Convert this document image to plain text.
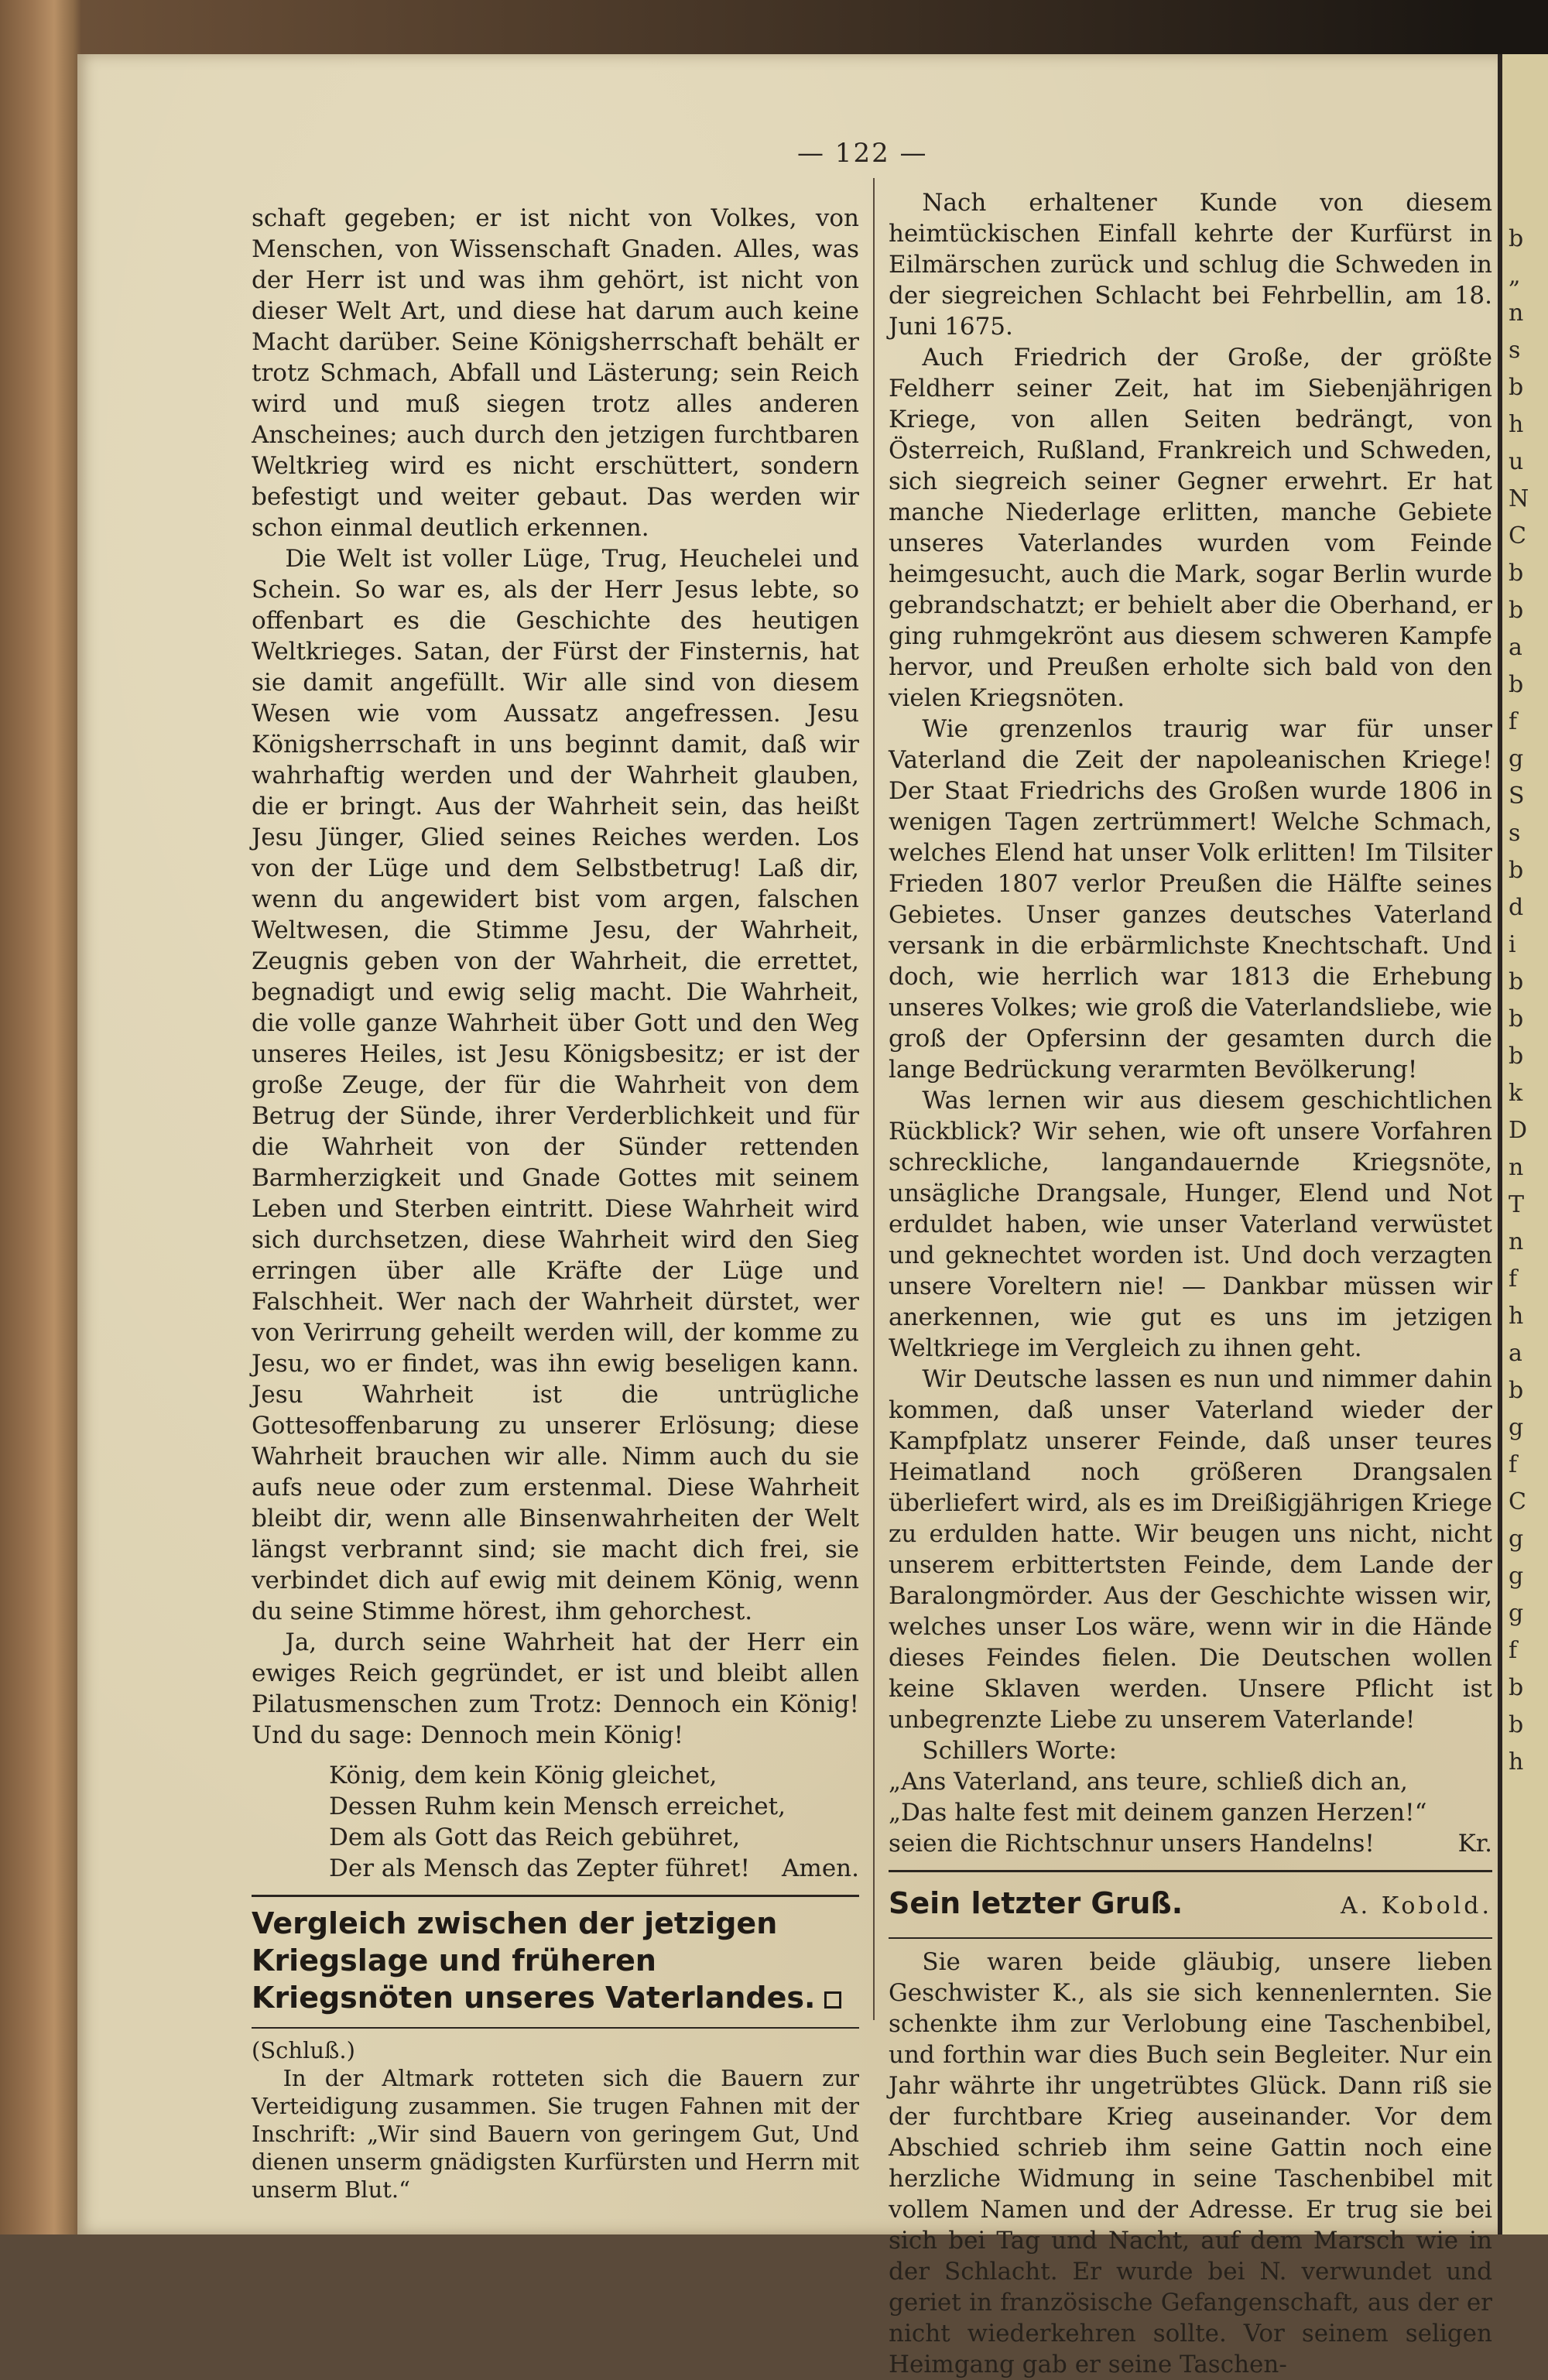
— 122 —

schaft gegeben; er ist nicht von Volkes, von Menschen, von Wissenschaft Gnaden. Alles, was der Herr ist und was ihm gehört, ist nicht von dieser Welt Art, und diese hat darum auch keine Macht darüber. Seine Königsherrschaft behält er trotz Schmach, Abfall und Lästerung; sein Reich wird und muß siegen trotz alles anderen Anscheines; auch durch den jetzigen furchtbaren Weltkrieg wird es nicht erschüttert, sondern befestigt und weiter gebaut. Das werden wir schon einmal deutlich erkennen.

Die Welt ist voller Lüge, Trug, Heuchelei und Schein. So war es, als der Herr Jesus lebte, so offenbart es die Geschichte des heutigen Weltkrieges. Satan, der Fürst der Finsternis, hat sie damit angefüllt. Wir alle sind von diesem Wesen wie vom Aussatz angefressen. Jesu Königsherrschaft in uns beginnt damit, daß wir wahrhaftig werden und der Wahrheit glauben, die er bringt. Aus der Wahrheit sein, das heißt Jesu Jünger, Glied seines Reiches werden. Los von der Lüge und dem Selbstbetrug! Laß dir, wenn du angewidert bist vom argen, falschen Weltwesen, die Stimme Jesu, der Wahrheit, Zeugnis geben von der Wahrheit, die errettet, begnadigt und ewig selig macht. Die Wahrheit, die volle ganze Wahrheit über Gott und den Weg unseres Heiles, ist Jesu Königsbesitz; er ist der große Zeuge, der für die Wahrheit von dem Betrug der Sünde, ihrer Verderblichkeit und für die Wahrheit von der Sünder rettenden Barmherzigkeit und Gnade Gottes mit seinem Leben und Sterben eintritt. Diese Wahrheit wird sich durchsetzen, diese Wahrheit wird den Sieg erringen über alle Kräfte der Lüge und Falschheit. Wer nach der Wahrheit dürstet, wer von Verirrung geheilt werden will, der komme zu Jesu, wo er findet, was ihn ewig beseligen kann. Jesu Wahrheit ist die untrügliche Gottesoffenbarung zu unserer Erlösung; diese Wahrheit brauchen wir alle. Nimm auch du sie aufs neue oder zum erstenmal. Diese Wahrheit bleibt dir, wenn alle Binsenwahrheiten der Welt längst verbrannt sind; sie macht dich frei, sie verbindet dich auf ewig mit deinem König, wenn du seine Stimme hörest, ihm gehorchest.

Ja, durch seine Wahrheit hat der Herr ein ewiges Reich gegründet, er ist und bleibt allen Pilatusmenschen zum Trotz: Dennoch ein König! Und du sage: Dennoch mein König!

König, dem kein König gleichet,
Dessen Ruhm kein Mensch erreichet,
Dem als Gott das Reich gebühret,
Der als Mensch das Zepter führet! Amen.
Vergleich zwischen der jetzigen Kriegslage und früheren Kriegsnöten unseres Vaterlandes.

(Schluß.)

In der Altmark rotteten sich die Bauern zur Verteidigung zusammen. Sie trugen Fahnen mit der Inschrift: „Wir sind Bauern von geringem Gut, Und dienen unserm gnädigsten Kurfürsten und Herrn mit unserm Blut.“

Nach erhaltener Kunde von diesem heimtückischen Einfall kehrte der Kurfürst in Eilmärschen zurück und schlug die Schweden in der siegreichen Schlacht bei Fehrbellin, am 18. Juni 1675.

Auch Friedrich der Große, der größte Feldherr seiner Zeit, hat im Siebenjährigen Kriege, von allen Seiten bedrängt, von Österreich, Rußland, Frankreich und Schweden, sich siegreich seiner Gegner erwehrt. Er hat manche Niederlage erlitten, manche Gebiete unseres Vaterlandes wurden vom Feinde heimgesucht, auch die Mark, sogar Berlin wurde gebrandschatzt; er behielt aber die Oberhand, er ging ruhmgekrönt aus diesem schweren Kampfe hervor, und Preußen erholte sich bald von den vielen Kriegsnöten.

Wie grenzenlos traurig war für unser Vaterland die Zeit der napoleanischen Kriege! Der Staat Friedrichs des Großen wurde 1806 in wenigen Tagen zertrümmert! Welche Schmach, welches Elend hat unser Volk erlitten! Im Tilsiter Frieden 1807 verlor Preußen die Hälfte seines Gebietes. Unser ganzes deutsches Vaterland versank in die erbärmlichste Knechtschaft. Und doch, wie herrlich war 1813 die Erhebung unseres Volkes; wie groß die Vaterlandsliebe, wie groß der Opfersinn der gesamten durch die lange Bedrückung verarmten Bevölkerung!

Was lernen wir aus diesem geschichtlichen Rückblick? Wir sehen, wie oft unsere Vorfahren schreckliche, langandauernde Kriegsnöte, unsägliche Drangsale, Hunger, Elend und Not erduldet haben, wie unser Vaterland verwüstet und geknechtet worden ist. Und doch verzagten unsere Voreltern nie! — Dankbar müssen wir anerkennen, wie gut es uns im jetzigen Weltkriege im Vergleich zu ihnen geht.

Wir Deutsche lassen es nun und nimmer dahin kommen, daß unser Vaterland wieder der Kampfplatz unserer Feinde, daß unser teures Heimatland noch größeren Drangsalen überliefert wird, als es im Dreißigjährigen Kriege zu erdulden hatte. Wir beugen uns nicht, nicht unserem erbittertsten Feinde, dem Lande der Baralongmörder. Aus der Geschichte wissen wir, welches unser Los wäre, wenn wir in die Hände dieses Feindes fielen. Die Deutschen wollen keine Sklaven werden. Unsere Pflicht ist unbegrenzte Liebe zu unserem Vaterlande!

Schillers Worte:

„Ans Vaterland, ans teure, schließ dich an,

„Das halte fest mit deinem ganzen Herzen!“

seien die Richtschnur unsers Handelns!	Kr.
Sein letzter Gruß.	A. Kobold.

Sie waren beide gläubig, unsere lieben Geschwister K., als sie sich kennenlernten. Sie schenkte ihm zur Verlobung eine Taschenbibel, und forthin war dies Buch sein Begleiter. Nur ein Jahr währte ihr ungetrübtes Glück. Dann riß sie der furchtbare Krieg auseinander. Vor dem Abschied schrieb ihm seine Gattin noch eine herzliche Widmung in seine Taschenbibel mit vollem Namen und der Adresse. Er trug sie bei sich bei Tag und Nacht, auf dem Marsch wie in der Schlacht. Er wurde bei N. verwundet und geriet in französische Gefangenschaft, aus der er nicht wiederkehren sollte. Vor seinem seligen Heimgang gab er seine Taschen-

b
„
n
s
b
h
u
N
C
b
b
a
b
f
g
S
s
b
d
i
b
b
b
k
D
n
T
n
f
h
a
b
g
f
C
g
g
g
f
b
b
h
